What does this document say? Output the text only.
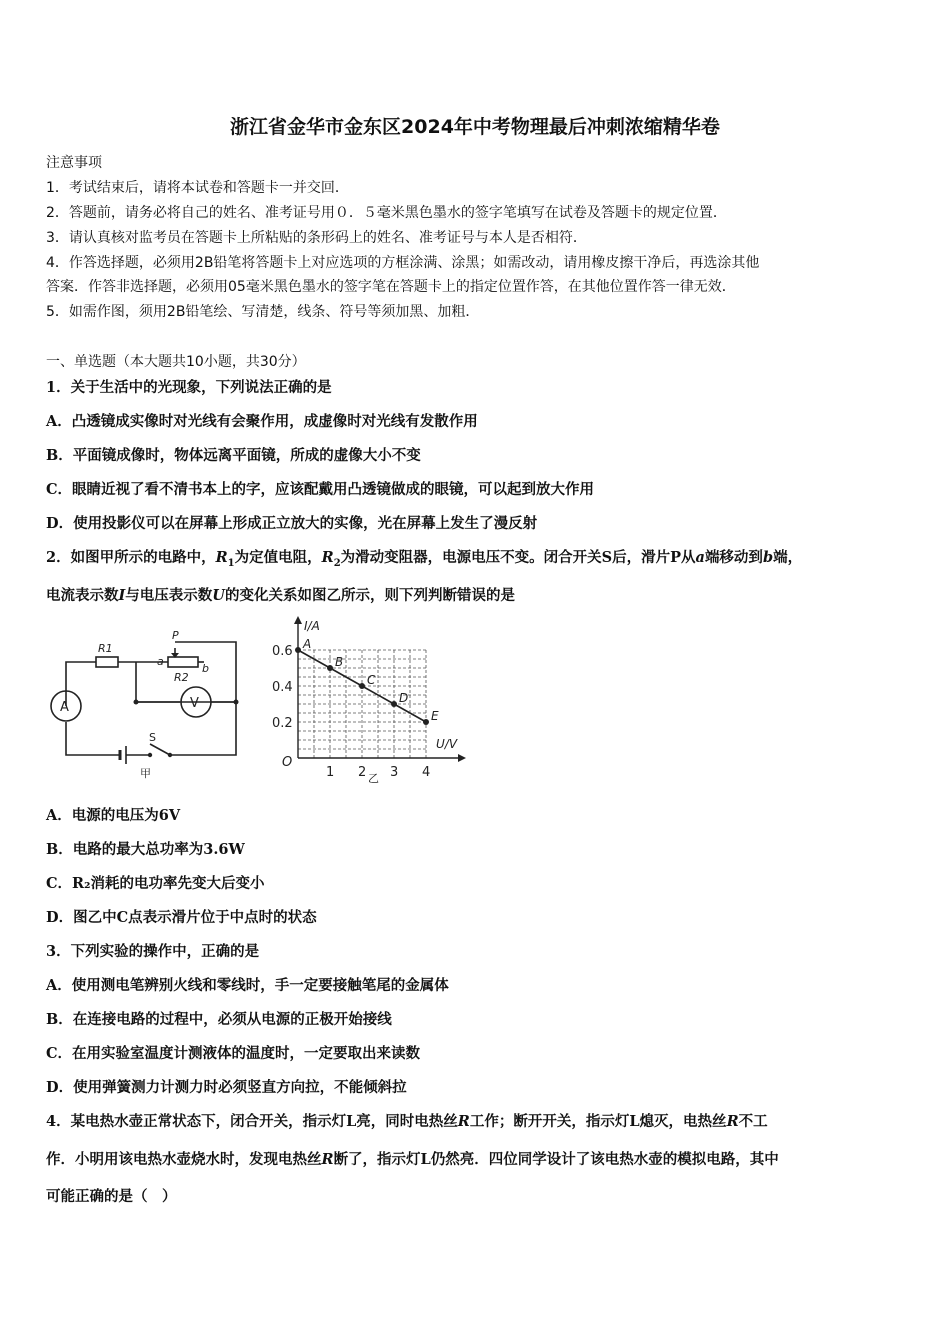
浙江省金华市金东区2024年中考物理最后冲刺浓缩精华卷
注意事项
1．考试结束后，请将本试卷和答题卡一并交回．
2．答题前，请务必将自己的姓名、准考证号用０．５毫米黑色墨水的签字笔填写在试卷及答题卡的规定位置．
3．请认真核对监考员在答题卡上所粘贴的条形码上的姓名、准考证号与本人是否相符．
4．作答选择题，必须用2B铅笔将答题卡上对应选项的方框涂满、涂黑；如需改动，请用橡皮擦干净后，再选涂其他
答案．作答非选择题，必须用05毫米黑色墨水的签字笔在答题卡上的指定位置作答，在其他位置作答一律无效．
5．如需作图，须用2B铅笔绘、写清楚，线条、符号等须加黑、加粗．
一、单选题（本大题共10小题，共30分）
1．关于生活中的光现象，下列说法正确的是
A．凸透镜成实像时对光线有会聚作用，成虚像时对光线有发散作用
B．平面镜成像时，物体远离平面镜，所成的虚像大小不变
C．眼睛近视了看不清书本上的字，应该配戴用凸透镜做成的眼镜，可以起到放大作用
D．使用投影仪可以在屏幕上形成正立放大的实像，光在屏幕上发生了漫反射
2．如图甲所示的电路中，$R_1$为定值电阻，$R_2$为滑动变阻器，电源电压不变。闭合开关S后，滑片P从a端移动到b端，
电流表示数I与电压表示数U的变化关系如图乙所示，则下列判断错误的是
R1
R2
P
a
b
A	V
S
甲
A
B
C
D
E
1 2 3 4
0.2
0.4
0.6
I/A
U/V
O
乙
A．电源的电压为6V
B．电路的最大总功率为3.6W
C．R₂消耗的电功率先变大后变小
D．图乙中C点表示滑片位于中点时的状态
3．下列实验的操作中，正确的是
A．使用测电笔辨别火线和零线时，手一定要接触笔尾的金属体
B．在连接电路的过程中，必须从电源的正极开始接线
C．在用实验室温度计测液体的温度时，一定要取出来读数
D．使用弹簧测力计测力时必须竖直方向拉，不能倾斜拉
4．某电热水壶正常状态下，闭合开关，指示灯L亮，同时电热丝R工作；断开开关，指示灯L熄灭，电热丝R不工
作．小明用该电热水壶烧水时，发现电热丝R断了，指示灯L仍然亮．四位同学设计了该电热水壶的模拟电路，其中
可能正确的是（　）
